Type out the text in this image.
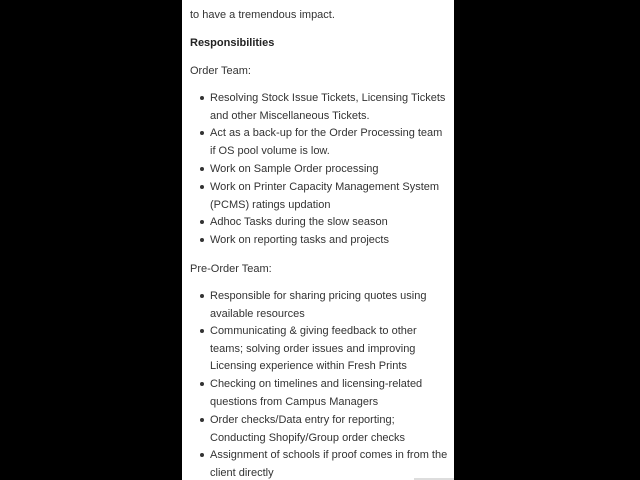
to have a tremendous impact.
Responsibilities
Order Team:
Resolving Stock Issue Tickets, Licensing Tickets and other Miscellaneous Tickets.
Act as a back-up for the Order Processing team if OS pool volume is low.
Work on Sample Order processing
Work on Printer Capacity Management System (PCMS) ratings updation
Adhoc Tasks during the slow season
Work on reporting tasks and projects
Pre-Order Team:
Responsible for sharing pricing quotes using available resources
Communicating & giving feedback to other teams; solving order issues and improving Licensing experience within Fresh Prints
Checking on timelines and licensing-related questions from Campus Managers
Order checks/Data entry for reporting; Conducting Shopify/Group order checks
Assignment of schools if proof comes in from the client directly
